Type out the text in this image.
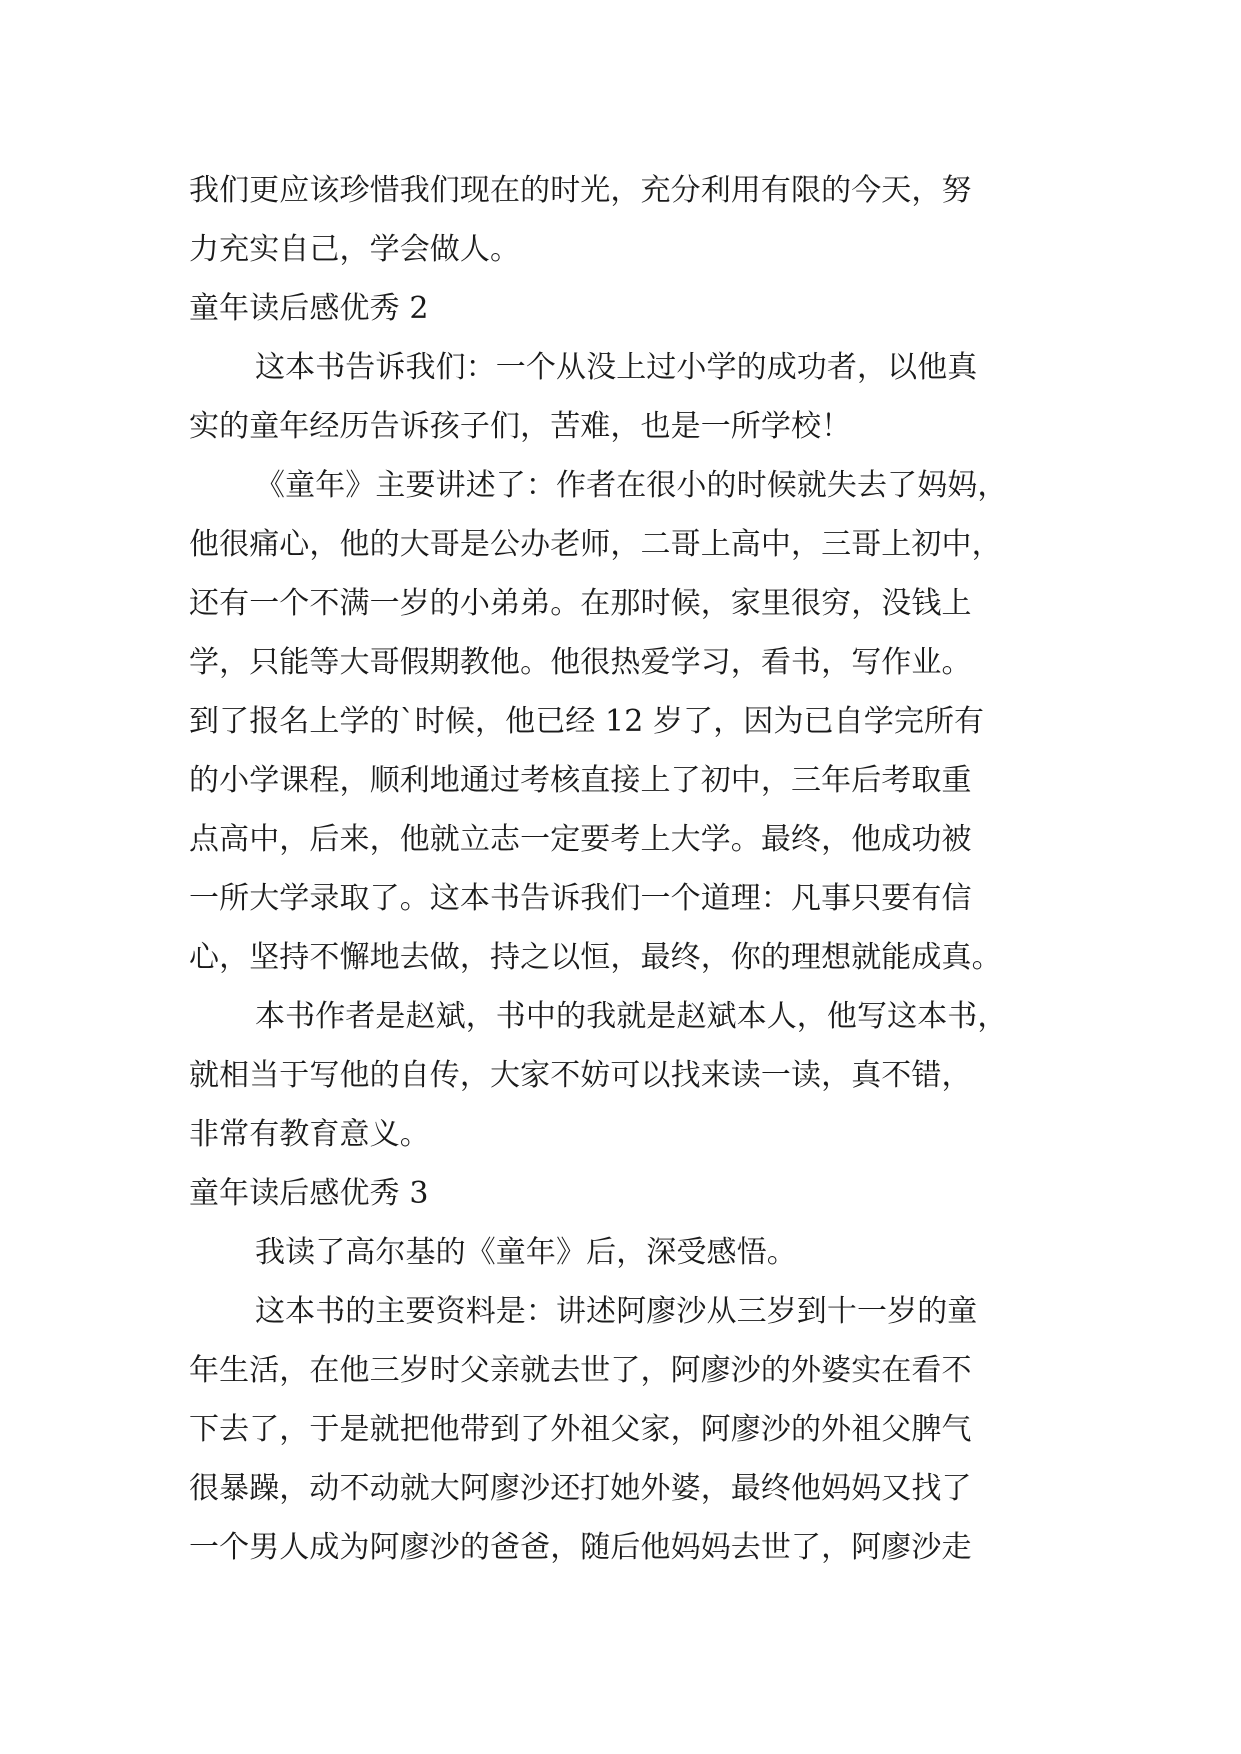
我们更应该珍惜我们现在的时光，充分利用有限的今天，努
力充实自己，学会做人。
童年读后感优秀 2
这本书告诉我们：一个从没上过小学的成功者，以他真
实的童年经历告诉孩子们，苦难，也是一所学校！
《童年》主要讲述了：作者在很小的时候就失去了妈妈，
他很痛心，他的大哥是公办老师，二哥上高中，三哥上初中，
还有一个不满一岁的小弟弟。在那时候，家里很穷，没钱上
学，只能等大哥假期教他。他很热爱学习，看书，写作业。
到了报名上学的`时候，他已经 12 岁了，因为已自学完所有
的小学课程，顺利地通过考核直接上了初中，三年后考取重
点高中，后来，他就立志一定要考上大学。最终，他成功被
一所大学录取了。这本书告诉我们一个道理：凡事只要有信
心，坚持不懈地去做，持之以恒，最终，你的理想就能成真。
本书作者是赵斌，书中的我就是赵斌本人，他写这本书，
就相当于写他的自传，大家不妨可以找来读一读，真不错，
非常有教育意义。
童年读后感优秀 3
我读了高尔基的《童年》后，深受感悟。
这本书的主要资料是：讲述阿廖沙从三岁到十一岁的童
年生活，在他三岁时父亲就去世了，阿廖沙的外婆实在看不
下去了，于是就把他带到了外祖父家，阿廖沙的外祖父脾气
很暴躁，动不动就大阿廖沙还打她外婆，最终他妈妈又找了
一个男人成为阿廖沙的爸爸，随后他妈妈去世了，阿廖沙走
